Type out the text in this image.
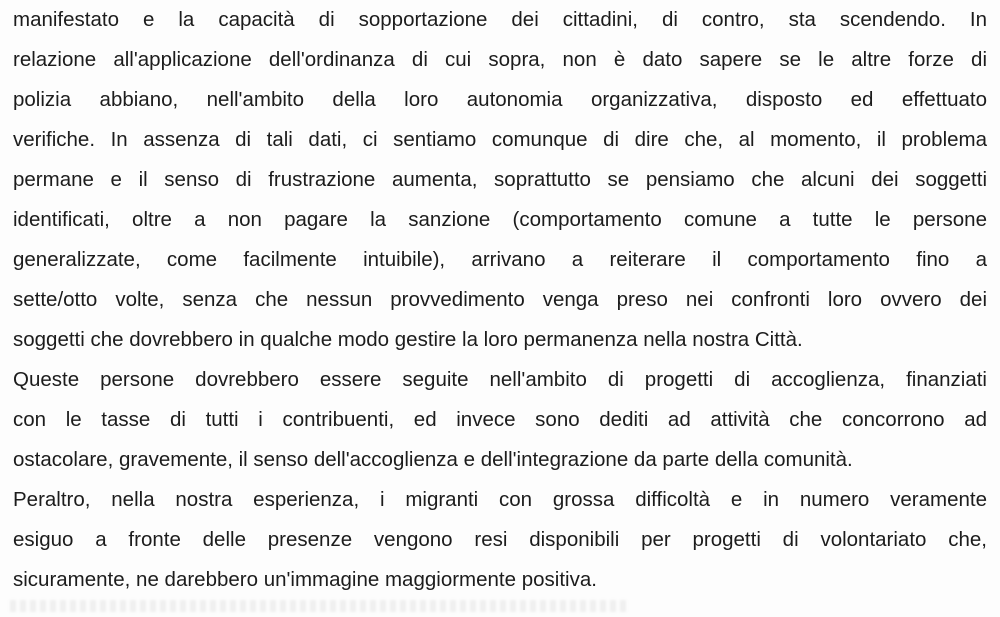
manifestato e la capacità di sopportazione dei cittadini, di contro, sta scendendo. In
relazione all'applicazione dell'ordinanza di cui sopra, non è dato sapere se le altre forze di
polizia abbiano, nell'ambito della loro autonomia organizzativa, disposto ed effettuato
verifiche. In assenza di tali dati, ci sentiamo comunque di dire che, al momento, il problema
permane e il senso di frustrazione aumenta, soprattutto se pensiamo che alcuni dei soggetti
identificati, oltre a non pagare la sanzione (comportamento comune a tutte le persone
generalizzate, come facilmente intuibile), arrivano a reiterare il comportamento fino a
sette/otto volte, senza che nessun provvedimento venga preso nei confronti loro ovvero dei
soggetti che dovrebbero in qualche modo gestire la loro permanenza nella nostra Città.
Queste persone dovrebbero essere seguite nell'ambito di progetti di accoglienza, finanziati
con le tasse di tutti i contribuenti, ed invece sono dediti ad attività che concorrono ad
ostacolare, gravemente, il senso dell'accoglienza e dell'integrazione da parte della comunità.
Peraltro, nella nostra esperienza, i migranti con grossa difficoltà e in numero veramente
esiguo a fronte delle presenze vengono resi disponibili per progetti di volontariato che,
sicuramente, ne darebbero un'immagine maggiormente positiva.
